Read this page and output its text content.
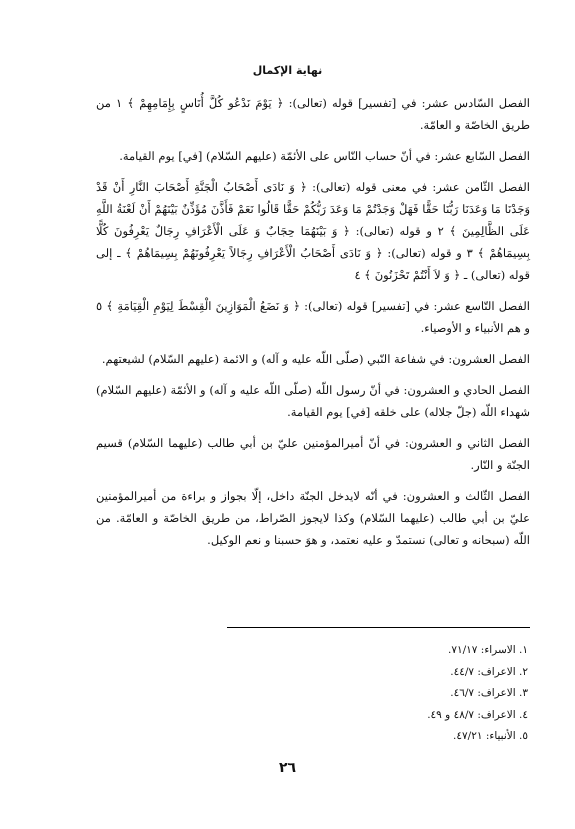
نهاية الإكمال

الفصل السّادس عشر: في [تفسير] قوله (تعالى): ﴿ يَوْمَ نَدْعُو كُلَّ أُنَاسٍ بِإِمَامِهِمْ ﴾ ١ من طريق الخاصّة و العامّة.

الفصل السّابع عشر: في أنّ حساب النّاس على الأئمّة (عليهم السّلام) [في] يوم القيامة.

الفصل الثّامن عشر: في معنى قوله (تعالى): ﴿ وَ نَادَى أَصْحَابُ الْجَنَّةِ أَصْحَابَ النَّارِ أَنْ قَدْ وَجَدْنَا مَا وَعَدَنَا رَبُّنَا حَقًّا فَهَلْ وَجَدْتُمْ مَا وَعَدَ رَبُّكُمْ حَقًّا قَالُوا نَعَمْ فَأَذَّنَ مُؤَذِّنٌ بَيْنَهُمْ أَنْ لَعْنَةُ اللَّهِ عَلَى الظَّالِمِينَ ﴾ ٢ و قوله (تعالى): ﴿ وَ بَيْنَهُمَا حِجَابٌ وَ عَلَى الْأَعْرَافِ رِجَالٌ يَعْرِفُونَ كُلًّا بِسِيمَاهُمْ ﴾ ٣ و قوله (تعالى): ﴿ وَ نَادَى أَصْحَابُ الْأَعْرَافِ رِجَالاً يَعْرِفُونَهُمْ بِسِيمَاهُمْ ﴾ ـ إلى قوله (تعالى) ـ ﴿ وَ لاَ أَنْتُمْ تَحْزَنُونَ ﴾ ٤

الفصل التّاسع عشر: في [تفسير] قوله (تعالى): ﴿ وَ نَضَعُ الْمَوَازِينَ الْقِسْطَ لِيَوْمِ الْقِيَامَةِ ﴾ ٥ و هم الأنبياء و الأوصياء.

الفصل العشرون: في شفاعة النّبي (صلّى اللّه عليه و آله) و الائمة (عليهم السّلام) لشيعتهم.

الفصل الحادي و العشرون: في أنّ رسول اللّه (صلّى اللّه عليه و آله) و الأئمّة (عليهم السّلام) شهداء اللّه (جلّ جلاله) على خلقه [في] يوم القيامة.

الفصل الثاني و العشرون: في أنّ أميرالمؤمنين عليّ بن أبي طالب (عليهما السّلام) قسيم الجنّة و النّار.

الفصل الثّالث و العشرون: في أنّه لايدخل الجنّة داخل، إلّا بجواز و براءة من أميرالمؤمنين عليّ بن أبي طالب (عليهما السّلام) وكذا لايجوز الصّراط، من طريق الخاصّة و العامّة. من اللّه (سبحانه و تعالى) نستمدّ و عليه نعتمد، و هوَ حسبنا و نعم الوكيل.

١. الاسراء: ٧١/١٧.

٢. الاعراف: ٤٤/٧.

٣. الاعراف: ٤٦/٧.

٤. الاعراف: ٤٨/٧ و ٤٩.

٥. الأنبياء: ٤٧/٢١.

٢٦
